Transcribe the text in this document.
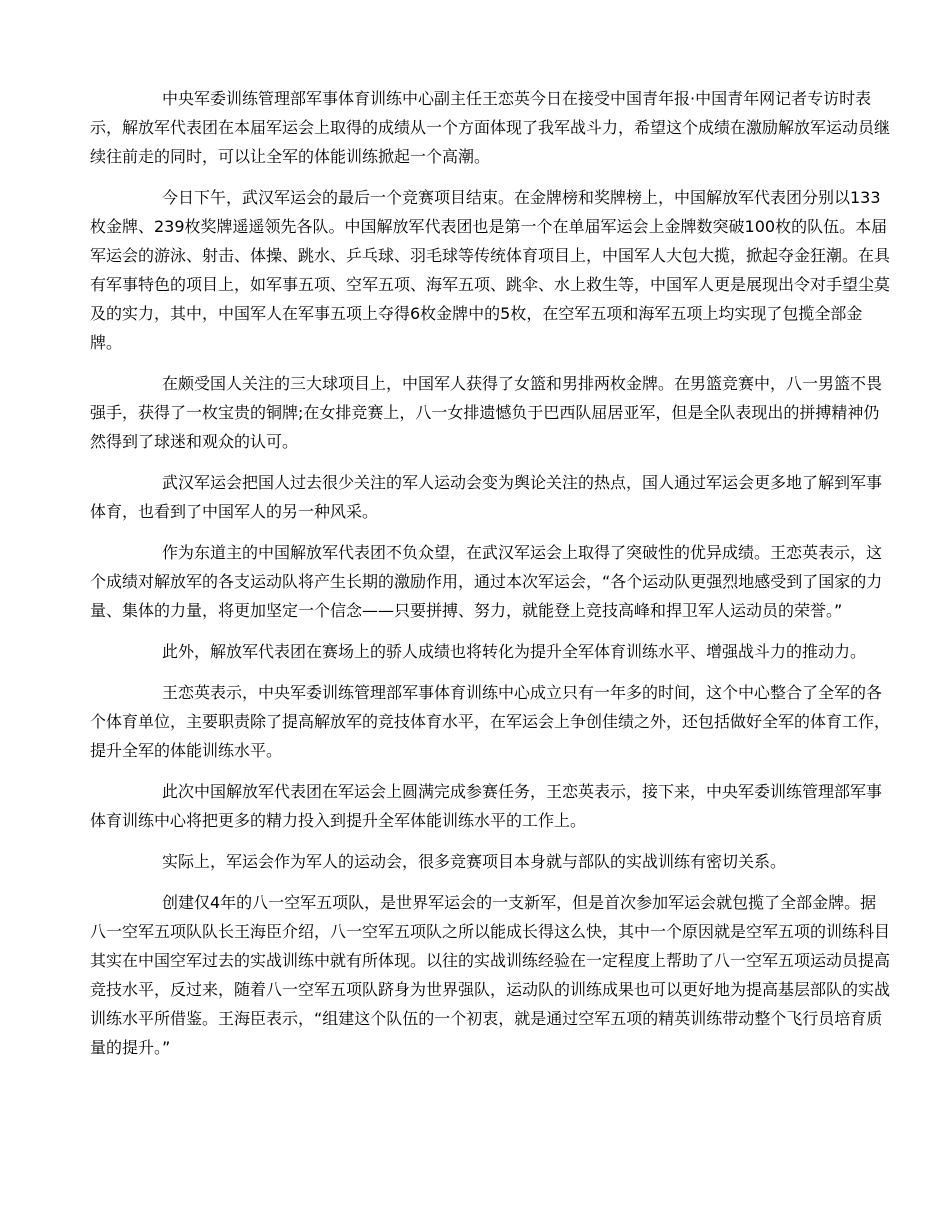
中央军委训练管理部军事体育训练中心副主任王恋英今日在接受中国青年报·中国青年网记者专访时表示，解放军代表团在本届军运会上取得的成绩从一个方面体现了我军战斗力，希望这个成绩在激励解放军运动员继续往前走的同时，可以让全军的体能训练掀起一个高潮。

今日下午，武汉军运会的最后一个竞赛项目结束。在金牌榜和奖牌榜上，中国解放军代表团分别以133枚金牌、239枚奖牌遥遥领先各队。中国解放军代表团也是第一个在单届军运会上金牌数突破100枚的队伍。本届军运会的游泳、射击、体操、跳水、乒乓球、羽毛球等传统体育项目上，中国军人大包大揽，掀起夺金狂潮。在具有军事特色的项目上，如军事五项、空军五项、海军五项、跳伞、水上救生等，中国军人更是展现出令对手望尘莫及的实力，其中，中国军人在军事五项上夺得6枚金牌中的5枚，在空军五项和海军五项上均实现了包揽全部金牌。

在颇受国人关注的三大球项目上，中国军人获得了女篮和男排两枚金牌。在男篮竞赛中，八一男篮不畏强手，获得了一枚宝贵的铜牌;在女排竞赛上，八一女排遗憾负于巴西队屈居亚军，但是全队表现出的拼搏精神仍然得到了球迷和观众的认可。

武汉军运会把国人过去很少关注的军人运动会变为舆论关注的热点，国人通过军运会更多地了解到军事体育，也看到了中国军人的另一种风采。

作为东道主的中国解放军代表团不负众望，在武汉军运会上取得了突破性的优异成绩。王恋英表示，这个成绩对解放军的各支运动队将产生长期的激励作用，通过本次军运会，“各个运动队更强烈地感受到了国家的力量、集体的力量，将更加坚定一个信念——只要拼搏、努力，就能登上竞技高峰和捍卫军人运动员的荣誉。”

此外，解放军代表团在赛场上的骄人成绩也将转化为提升全军体育训练水平、增强战斗力的推动力。

王恋英表示，中央军委训练管理部军事体育训练中心成立只有一年多的时间，这个中心整合了全军的各个体育单位，主要职责除了提高解放军的竞技体育水平，在军运会上争创佳绩之外，还包括做好全军的体育工作，提升全军的体能训练水平。

此次中国解放军代表团在军运会上圆满完成参赛任务，王恋英表示，接下来，中央军委训练管理部军事体育训练中心将把更多的精力投入到提升全军体能训练水平的工作上。

实际上，军运会作为军人的运动会，很多竞赛项目本身就与部队的实战训练有密切关系。

创建仅4年的八一空军五项队，是世界军运会的一支新军，但是首次参加军运会就包揽了全部金牌。据八一空军五项队队长王海臣介绍，八一空军五项队之所以能成长得这么快，其中一个原因就是空军五项的训练科目其实在中国空军过去的实战训练中就有所体现。以往的实战训练经验在一定程度上帮助了八一空军五项运动员提高竞技水平，反过来，随着八一空军五项队跻身为世界强队，运动队的训练成果也可以更好地为提高基层部队的实战训练水平所借鉴。王海臣表示，“组建这个队伍的一个初衷，就是通过空军五项的精英训练带动整个飞行员培育质量的提升。”
